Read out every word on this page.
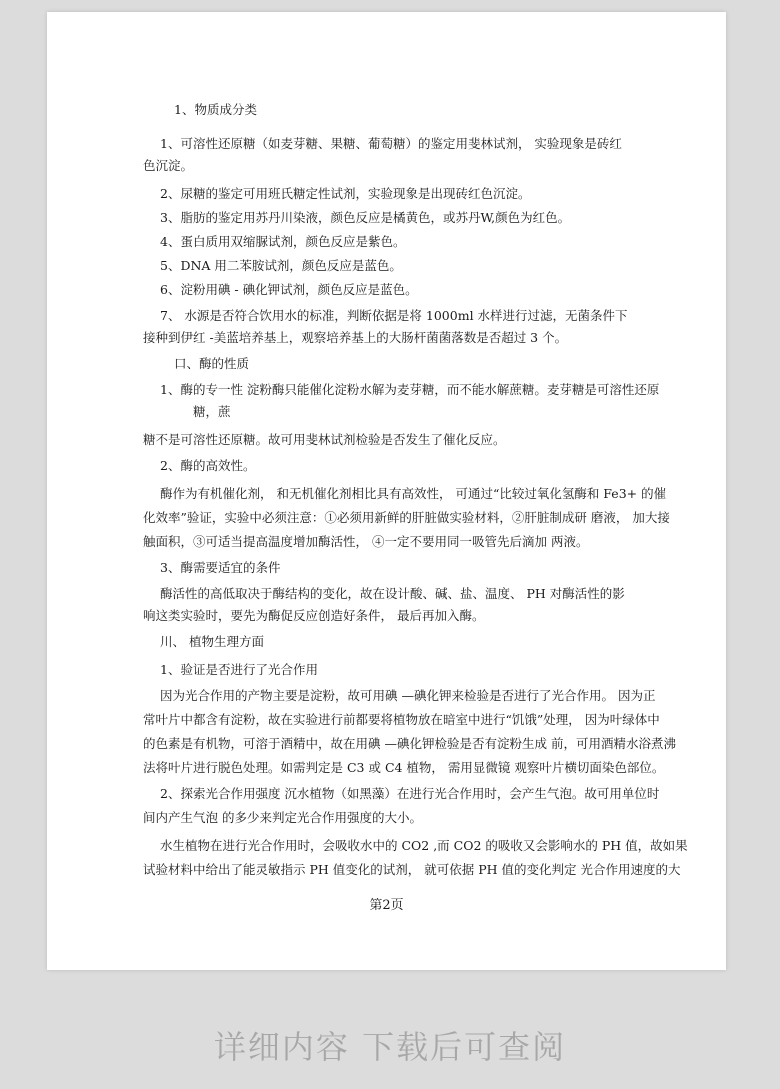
1、物质成分类
1、可溶性还原糖（如麦芽糖、果糖、葡萄糖）的鉴定用斐林试剂， 实验现象是砖红
色沉淀。
2、尿糖的鉴定可用班氏糖定性试剂，实验现象是出现砖红色沉淀。
3、脂肪的鉴定用苏丹川染液，颜色反应是橘黄色，或苏丹W,颜色为红色。
4、蛋白质用双缩脲试剂，颜色反应是紫色。
5、DNA 用二苯胺试剂，颜色反应是蓝色。
6、淀粉用碘 - 碘化钾试剂，颜色反应是蓝色。
7、 水源是否符合饮用水的标准，判断依据是将 1000ml 水样进行过滤，无菌条件下
接种到伊红 -美蓝培养基上，观察培养基上的大肠杆菌菌落数是否超过 3 个。
口、酶的性质
1、酶的专一性 淀粉酶只能催化淀粉水解为麦芽糖，而不能水解蔗糖。麦芽糖是可溶性还原
糖，蔗
糖不是可溶性还原糖。故可用斐林试剂检验是否发生了催化反应。
2、酶的高效性。
酶作为有机催化剂， 和无机催化剂相比具有高效性， 可通过“比较过氧化氢酶和 Fe3+ 的催
化效率”验证，实验中必须注意：①必须用新鲜的肝脏做实验材料，②肝脏制成研 磨液， 加大接
触面积，③可适当提高温度增加酶活性， ④一定不要用同一吸管先后滴加 两液。
3、酶需要适宜的条件
酶活性的高低取决于酶结构的变化，故在设计酸、碱、盐、温度、 PH 对酶活性的影
响这类实验时，要先为酶促反应创造好条件， 最后再加入酶。
川、 植物生理方面
1、验证是否进行了光合作用
因为光合作用的产物主要是淀粉，故可用碘 —碘化钾来检验是否进行了光合作用。 因为正
常叶片中都含有淀粉，故在实验进行前都要将植物放在暗室中进行“饥饿”处理， 因为叶绿体中
的色素是有机物，可溶于酒精中，故在用碘 —碘化钾检验是否有淀粉生成 前，可用酒精水浴煮沸
法将叶片进行脱色处理。如需判定是 C3 或 C4 植物， 需用显微镜 观察叶片横切面染色部位。
2、探索光合作用强度 沉水植物（如黑藻）在进行光合作用时，会产生气泡。故可用单位时
间内产生气泡 的多少来判定光合作用强度的大小。
水生植物在进行光合作用时，会吸收水中的 CO2 ,而 CO2 的吸收又会影响水的 PH 值，故如果
试验材料中给出了能灵敏指示 PH 值变化的试剂， 就可依据 PH 值的变化判定 光合作用速度的大
第2页
详细内容 下载后可查阅
